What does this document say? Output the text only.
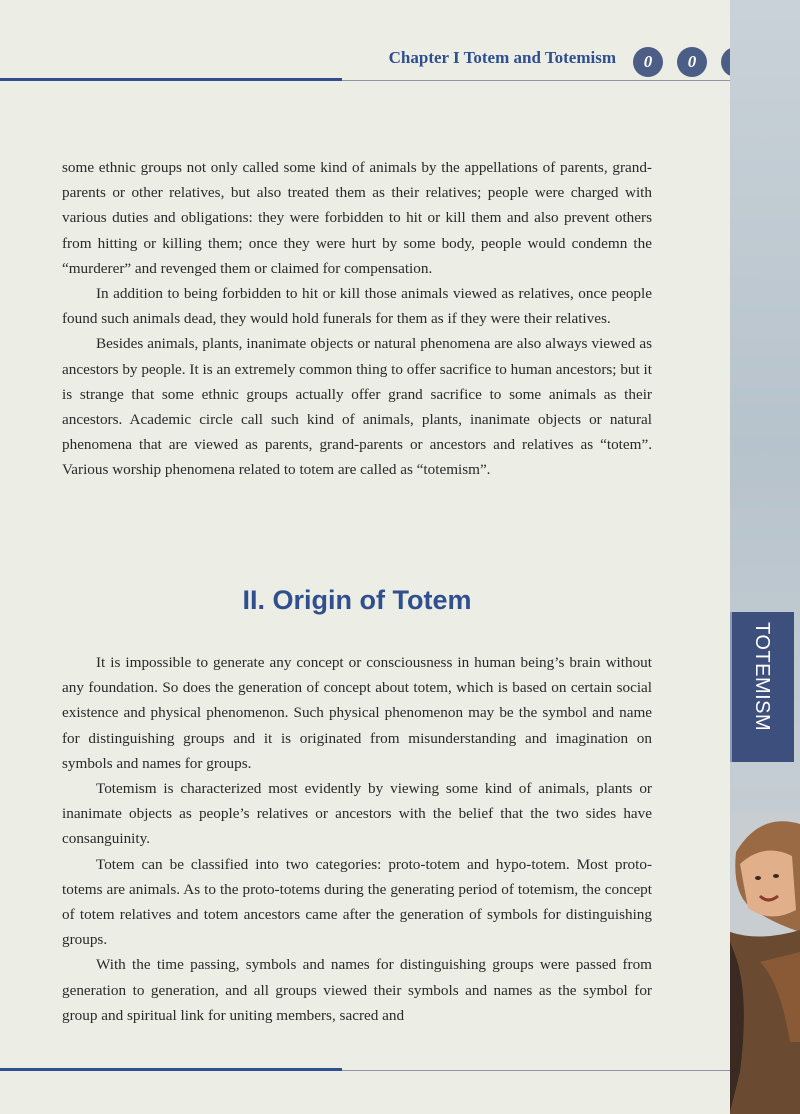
Chapter I Totem and Totemism	0	0

some ethnic groups not only called some kind of animals by the appellations of parents, grand-parents or other relatives, but also treated them as their relatives; people were charged with various duties and obligations: they were forbidden to hit or kill them and also prevent others from hitting or killing them; once they were hurt by some body, people would condemn the “murderer” and revenged them or claimed for compensation.

In addition to being forbidden to hit or kill those animals viewed as relatives, once people found such animals dead, they would hold funerals for them as if they were their relatives.

Besides animals, plants, inanimate objects or natural phenomena are also always viewed as ancestors by people. It is an extremely common thing to offer sacrifice to human ancestors; but it is strange that some ethnic groups actually offer grand sacrifice to some animals as their ancestors. Academic circle call such kind of animals, plants, inanimate objects or natural phenomena that are viewed as parents, grand-parents or ancestors and relatives as “totem”. Various worship phenomena related to totem are called as “totemism”.

II. Origin of Totem

It is impossible to generate any concept or consciousness in human being’s brain without any foundation. So does the generation of concept about totem, which is based on certain social existence and physical phenomenon. Such physical phenomenon may be the symbol and name for distinguishing groups and it is originated from misunderstanding and imagination on symbols and names for groups.

Totemism is characterized most evidently by viewing some kind of animals, plants or inanimate objects as people’s relatives or ancestors with the belief that the two sides have consanguinity.

Totem can be classified into two categories: proto-totem and hypo-totem. Most proto-totems are animals. As to the proto-totems during the generating period of totemism, the concept of totem relatives and totem ancestors came after the generation of symbols for distinguishing groups.

With the time passing, symbols and names for distinguishing groups were passed from generation to generation, and all groups viewed their symbols and names as the symbol for group and spiritual link for uniting members, sacred and

TOTEMISM
